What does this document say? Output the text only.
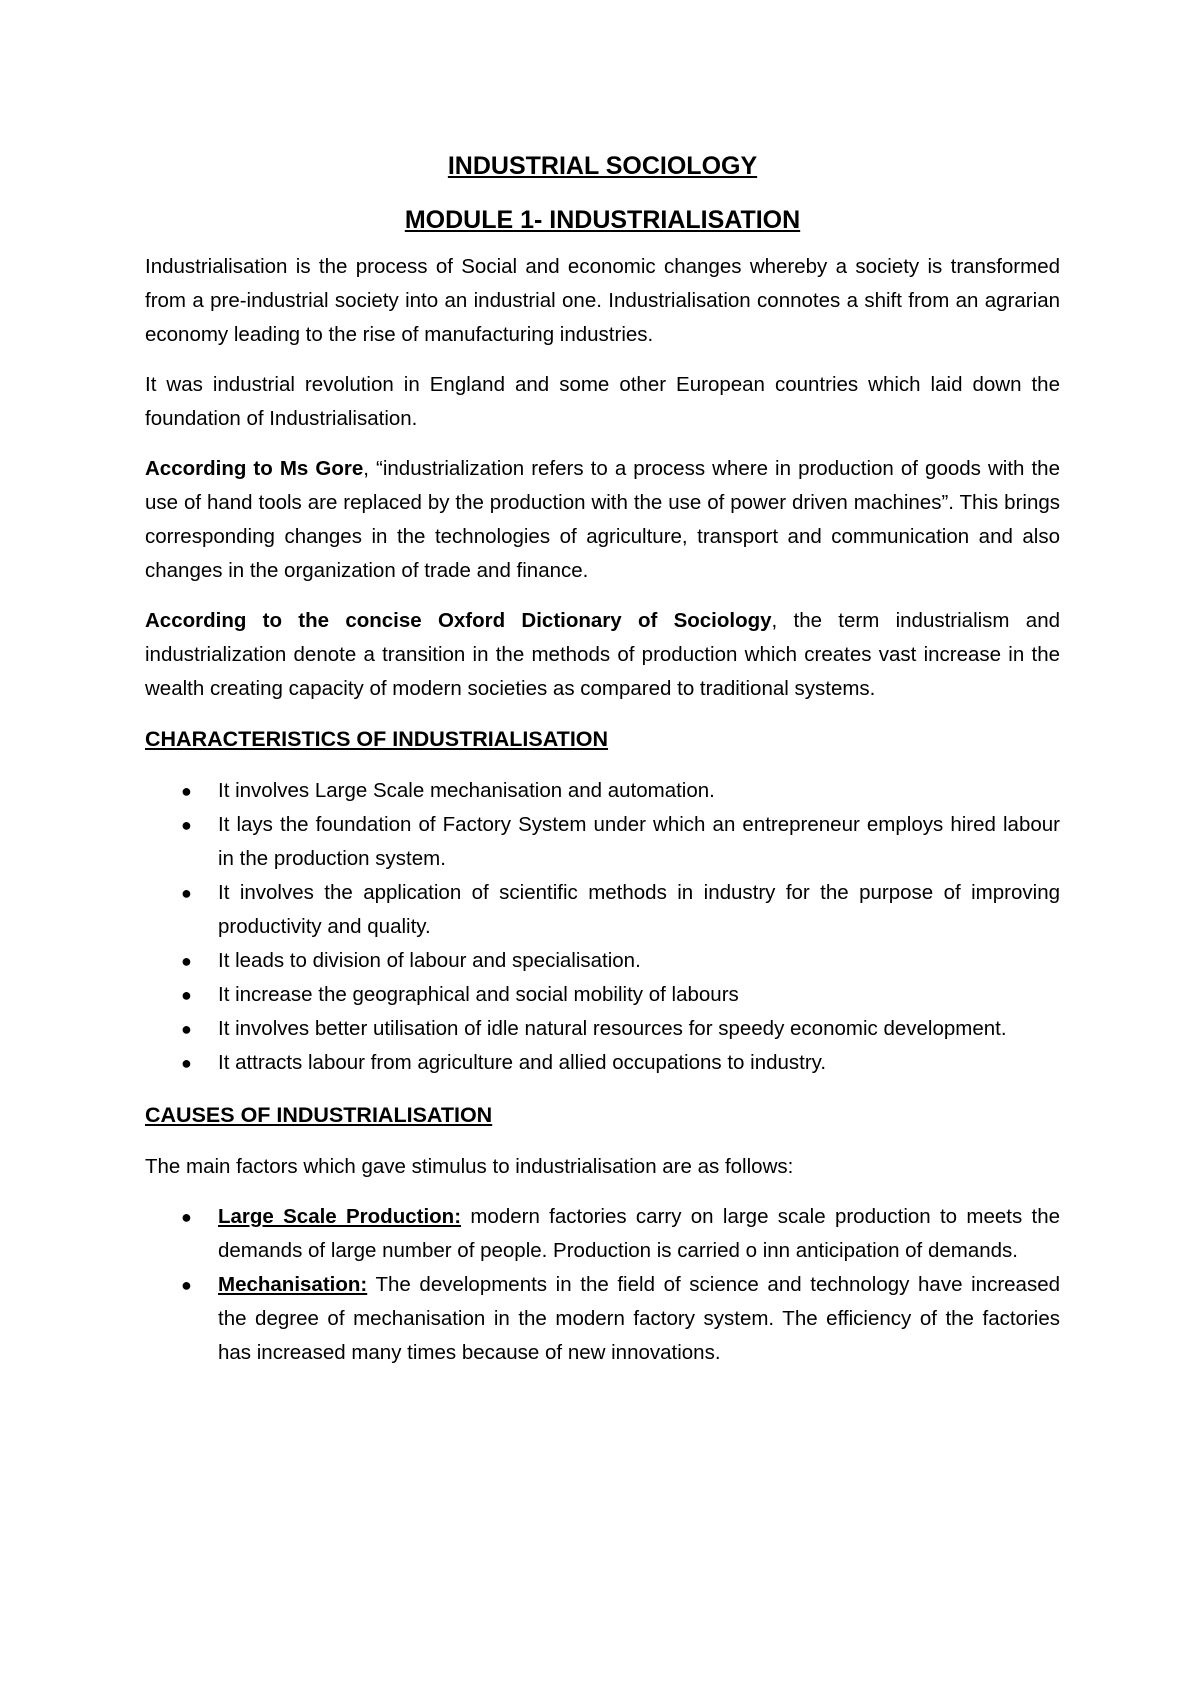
INDUSTRIAL SOCIOLOGY
MODULE 1- INDUSTRIALISATION

Industrialisation is the process of Social and economic changes whereby a society is transformed from a pre-industrial society into an industrial one. Industrialisation connotes a shift from an agrarian economy leading to the rise of manufacturing industries.

It was industrial revolution in England and some other European countries which laid down the foundation of Industrialisation.

According to Ms Gore, “industrialization refers to a process where in production of goods with the use of hand tools are replaced by the production with the use of power driven machines”. This brings corresponding changes in the technologies of agriculture, transport and communication and also changes in the organization of trade and finance.

According to the concise Oxford Dictionary of Sociology, the term industrialism and industrialization denote a transition in the methods of production which creates vast increase in the wealth creating capacity of modern societies as compared to traditional systems.

CHARACTERISTICS OF INDUSTRIALISATION
● It involves Large Scale mechanisation and automation.
● It lays the foundation of Factory System under which an entrepreneur employs hired labour in the production system.
● It involves the application of scientific methods in industry for the purpose of improving productivity and quality.
● It leads to division of labour and specialisation.
● It increase the geographical and social mobility of labours
● It involves better utilisation of idle natural resources for speedy economic development.
● It attracts labour from agriculture and allied occupations to industry.
CAUSES OF INDUSTRIALISATION

The main factors which gave stimulus to industrialisation are as follows:

● Large Scale Production: modern factories carry on large scale production to meets the demands of large number of people. Production is carried o inn anticipation of demands.
● Mechanisation: The developments in the field of science and technology have increased the degree of mechanisation in the modern factory system. The efficiency of the factories has increased many times because of new innovations.
